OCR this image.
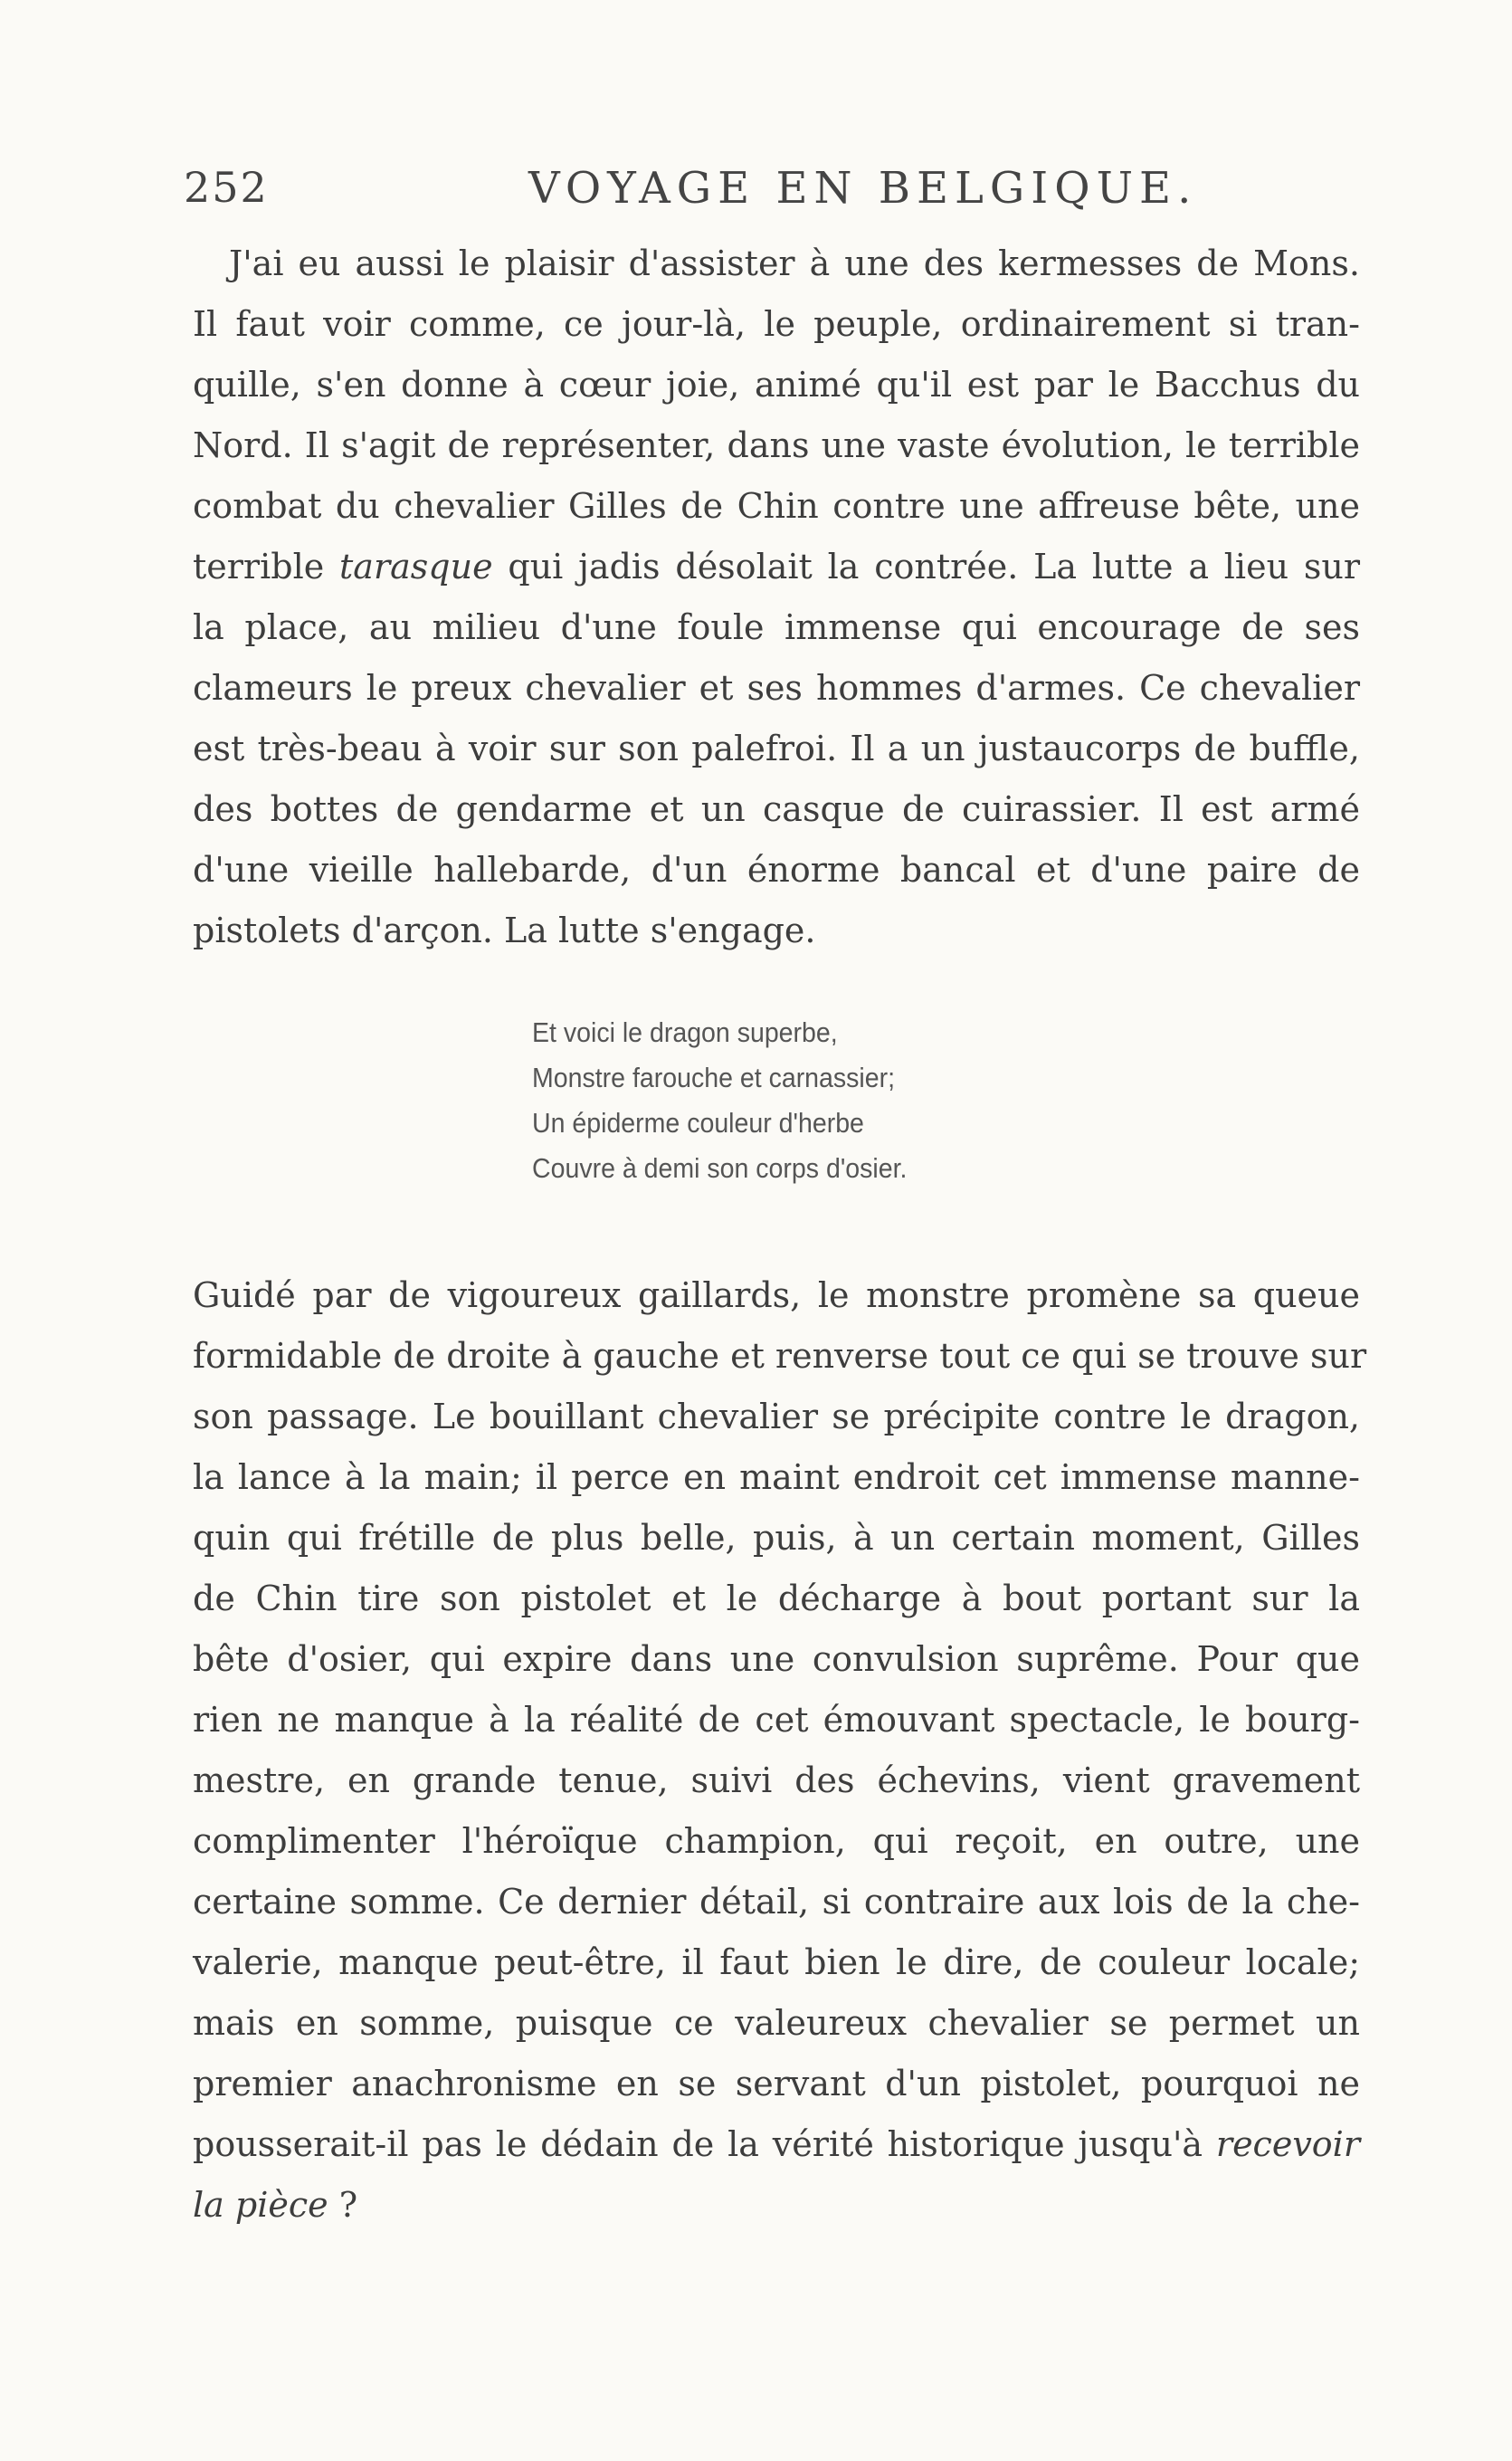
252	VOYAGE EN BELGIQUE.

J'ai eu aussi le plaisir d'assister à une des kermesses de Mons.
Il faut voir comme, ce jour-là, le peuple, ordinairement si tran-
quille, s'en donne à cœur joie, animé qu'il est par le Bacchus du
Nord. Il s'agit de représenter, dans une vaste évolution, le terrible
combat du chevalier Gilles de Chin contre une affreuse bête, une
terrible tarasque qui jadis désolait la contrée. La lutte a lieu sur
la place, au milieu d'une foule immense qui encourage de ses
clameurs le preux chevalier et ses hommes d'armes. Ce chevalier
est très-beau à voir sur son palefroi. Il a un justaucorps de buffle,
des bottes de gendarme et un casque de cuirassier. Il est armé
d'une vieille hallebarde, d'un énorme bancal et d'une paire de
pistolets d'arçon. La lutte s'engage.

Et voici le dragon superbe,
Monstre farouche et carnassier;
Un épiderme couleur d'herbe
Couvre à demi son corps d'osier.

Guidé par de vigoureux gaillards, le monstre promène sa queue
formidable de droite à gauche et renverse tout ce qui se trouve sur
son passage. Le bouillant chevalier se précipite contre le dragon,
la lance à la main; il perce en maint endroit cet immense manne-
quin qui frétille de plus belle, puis, à un certain moment, Gilles
de Chin tire son pistolet et le décharge à bout portant sur la
bête d'osier, qui expire dans une convulsion suprême. Pour que
rien ne manque à la réalité de cet émouvant spectacle, le bourg-
mestre, en grande tenue, suivi des échevins, vient gravement
complimenter l'héroïque champion, qui reçoit, en outre, une
certaine somme. Ce dernier détail, si contraire aux lois de la che-
valerie, manque peut-être, il faut bien le dire, de couleur locale;
mais en somme, puisque ce valeureux chevalier se permet un
premier anachronisme en se servant d'un pistolet, pourquoi ne
pousserait-il pas le dédain de la vérité historique jusqu'à recevoir
la pièce ?
